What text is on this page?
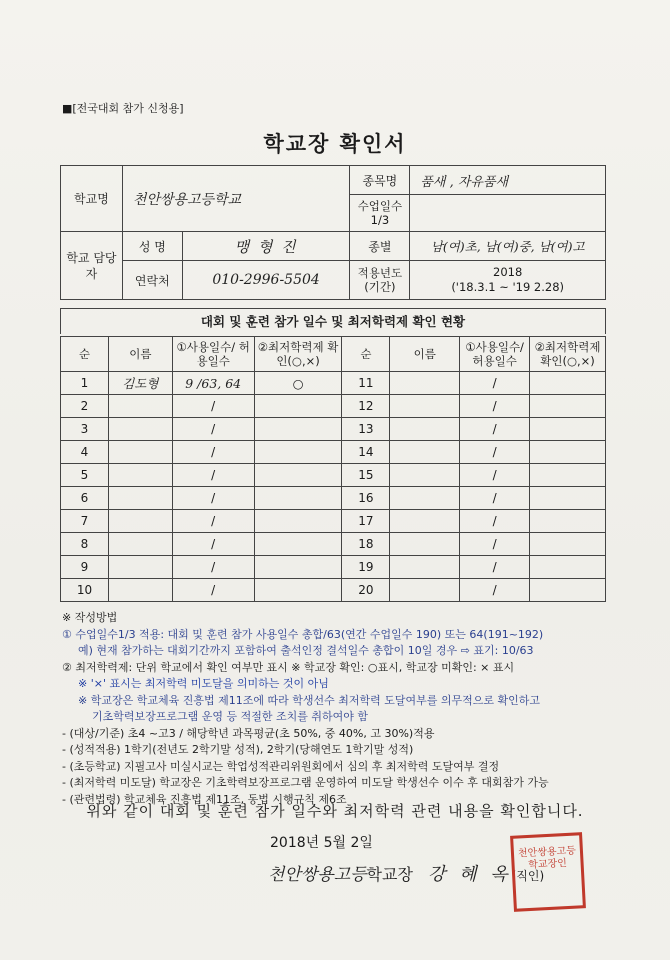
■[전국대회 참가 신청용]
학교장 확인서
학교명	천안쌍용고등학교		종목명	품새 , 자유품새
			수업일수 1/3	
학교 담당자	성 명	맹 형 진	종별	남(여)초, 남(여)중, 남(여)고
	연락처	010-2996-5504	적용년도 (기간)	2018
('18.3.1 ~ '19 2.28)
대회 및 훈련 참가 일수 및 최저학력제 확인 현황
순	이름	①사용일수/ 허용일수	②최저학력제 확인(○,×)	순	이름	①사용일수/ 허용일수	②최저학력제 확인(○,×)
1	김도형	9 /63, 64	○	11		/	
2		/		12		/	
3		/		13		/	
4		/		14		/	
5		/		15		/	
6		/		16		/	
7		/		17		/	
8		/		18		/	
9		/		19		/	
10		/		20		/	
※ 작성방법
① 수업일수1/3 적용: 대회 및 훈련 참가 사용일수 총합/63(연간 수업일수 190) 또는 64(191~192)
예) 현재 참가하는 대회기간까지 포함하여 출석인정 결석일수 총합이 10일 경우 ⇨ 표기: 10/63
② 최저학력제: 단위 학교에서 확인 여부만 표시 ※ 학교장 확인: ○표시, 학교장 미확인: × 표시
※ '×' 표시는 최저학력 미도달을 의미하는 것이 아님
※ 학교장은 학교체육 진흥법 제11조에 따라 학생선수 최저학력 도달여부를 의무적으로 확인하고
기초학력보장프로그램 운영 등 적절한 조치를 취하여야 함
- (대상/기준) 초4 ~고3 / 해당학년 과목평균(초 50%, 중 40%, 고 30%)적용
- (성적적용) 1학기(전년도 2학기말 성적), 2학기(당해연도 1학기말 성적)
- (초등학교) 지필고사 미실시교는 학업성적관리위원회에서 심의 후 최저학력 도달여부 결정
- (최저학력 미도달) 학교장은 기초학력보장프로그램 운영하여 미도달 학생선수 이수 후 대회참가 가능
- (관련법령) 학교체육 진흥법 제11조, 동법 시행규칙 제6조
위와 같이 대회 및 훈련 참가 일수와 최저학력 관련 내용을 확인합니다.
2018년 5월 2일
천안쌍용고등학교장 강 혜 옥(직인)
천안쌍용고등학교장인
